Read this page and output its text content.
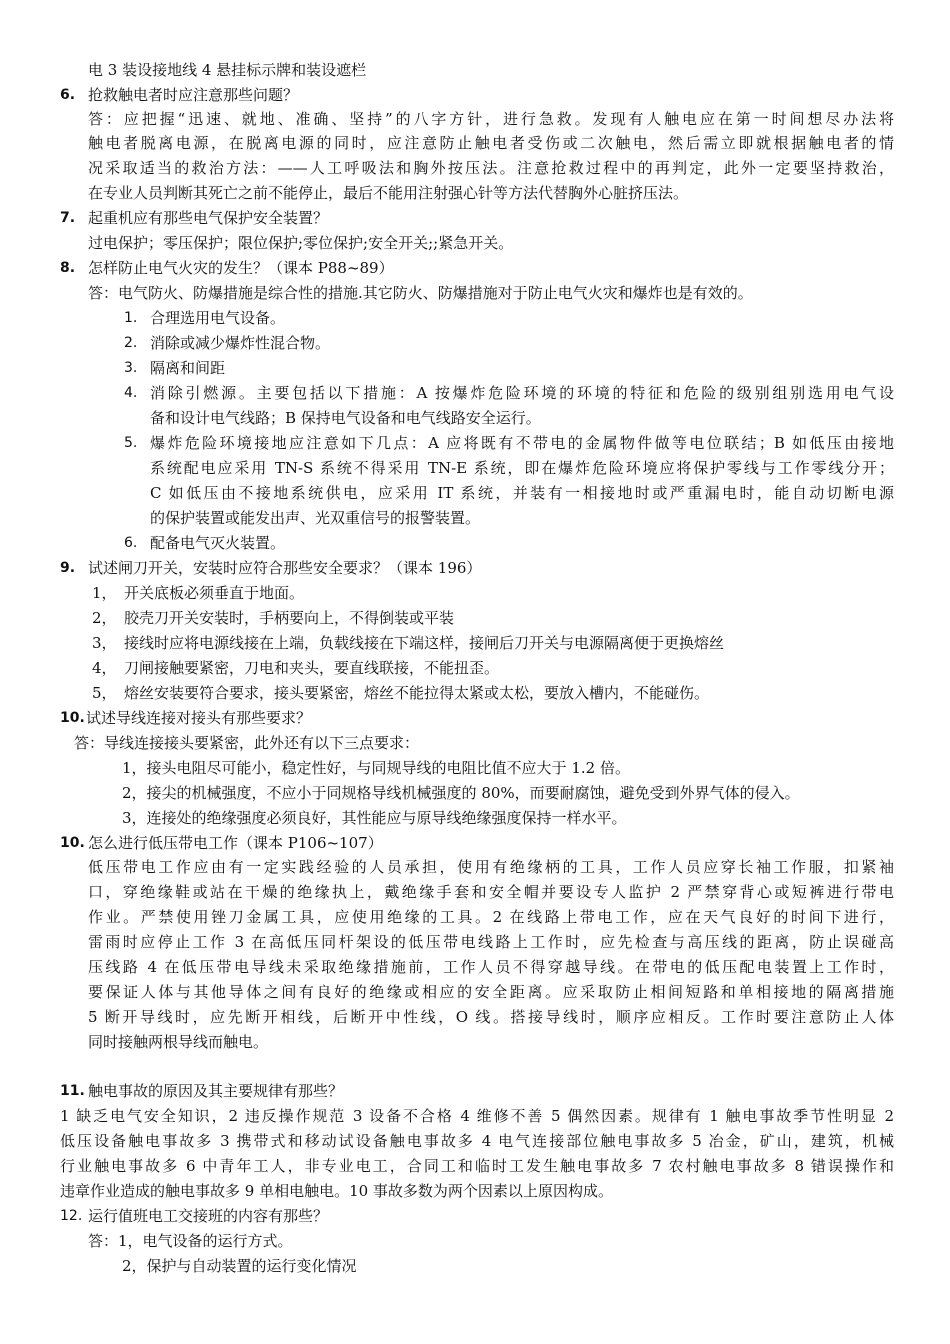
电 3 装设接地线 4 悬挂标示牌和装设遮栏
6. 抢救触电者时应注意那些问题？
答：应把握“迅速、就地、准确、坚持”的八字方针，进行急救。发现有人触电应在第一时间想尽办法将
触电者脱离电源，在脱离电源的同时，应注意防止触电者受伤或二次触电，然后需立即就根据触电者的情
况采取适当的救治方法：——人工呼吸法和胸外按压法。注意抢救过程中的再判定，此外一定要坚持救治，
在专业人员判断其死亡之前不能停止，最后不能用注射强心针等方法代替胸外心脏挤压法。
7. 起重机应有那些电气保护安全装置？
过电保护；零压保护；限位保护;零位保护;安全开关;;紧急开关。
8. 怎样防止电气火灾的发生？（课本 P88~89）
答：电气防火、防爆措施是综合性的措施.其它防火、防爆措施对于防止电气火灾和爆炸也是有效的。
1. 合理选用电气设备。
2. 消除或减少爆炸性混合物。
3. 隔离和间距
4. 消除引燃源。主要包括以下措施：A 按爆炸危险环境的环境的特征和危险的级别组别选用电气设
备和设计电气线路；B 保持电气设备和电气线路安全运行。
5. 爆炸危险环境接地应注意如下几点：A 应将既有不带电的金属物件做等电位联结；B 如低压由接地
系统配电应采用 TN-S 系统不得采用 TN-E 系统，即在爆炸危险环境应将保护零线与工作零线分开；
C 如低压由不接地系统供电，应采用 IT 系统，并装有一相接地时或严重漏电时，能自动切断电源
的保护装置或能发出声、光双重信号的报警装置。
6. 配备电气灭火装置。
9. 试述闸刀开关，安装时应符合那些安全要求？（课本 196）
1， 开关底板必须垂直于地面。
2， 胶壳刀开关安装时，手柄要向上，不得倒装或平装
3， 接线时应将电源线接在上端，负载线接在下端这样，接闸后刀开关与电源隔离便于更换熔丝
4， 刀闸接触要紧密，刀电和夹头，要直线联接，不能扭歪。
5， 熔丝安装要符合要求，接头要紧密，熔丝不能拉得太紧或太松，要放入槽内，不能碰伤。
10. 试述导线连接对接头有那些要求？
答：导线连接接头要紧密，此外还有以下三点要求：
1，接头电阻尽可能小，稳定性好，与同规导线的电阻比值不应大于 1.2 倍。
2，接尖的机械强度，不应小于同规格导线机械强度的 80%，而要耐腐蚀，避免受到外界气体的侵入。
3，连接处的绝缘强度必须良好，其性能应与原导线绝缘强度保持一样水平。
10. 怎么进行低压带电工作（课本 P106~107）
低压带电工作应由有一定实践经验的人员承担，使用有绝缘柄的工具，工作人员应穿长袖工作服，扣紧袖
口，穿绝缘鞋或站在干燥的绝缘执上，戴绝缘手套和安全帽并要设专人监护 2 严禁穿背心或短裤进行带电
作业。严禁使用锉刀金属工具，应使用绝缘的工具。2 在线路上带电工作，应在天气良好的时间下进行，
雷雨时应停止工作 3 在高低压同杆架设的低压带电线路上工作时，应先检查与高压线的距离，防止误碰高
压线路 4 在低压带电导线未采取绝缘措施前，工作人员不得穿越导线。在带电的低压配电装置上工作时，
要保证人体与其他导体之间有良好的绝缘或相应的安全距离。应采取防止相间短路和单相接地的隔离措施
5 断开导线时，应先断开相线，后断开中性线，O 线。搭接导线时，顺序应相反。工作时要注意防止人体
同时接触两根导线而触电。
11. 触电事故的原因及其主要规律有那些？
1 缺乏电气安全知识，2 违反操作规范 3 设备不合格 4 维修不善 5 偶然因素。规律有 1 触电事故季节性明显 2
低压设备触电事故多 3 携带式和移动试设备触电事故多 4 电气连接部位触电事故多 5 冶金，矿山，建筑，机械
行业触电事故多 6 中青年工人，非专业电工，合同工和临时工发生触电事故多 7 农村触电事故多 8 错误操作和
违章作业造成的触电事故多 9 单相电触电。10 事故多数为两个因素以上原因构成。
12. 运行值班电工交接班的内容有那些？
答：1，电气设备的运行方式。
2，保护与自动装置的运行变化情况
